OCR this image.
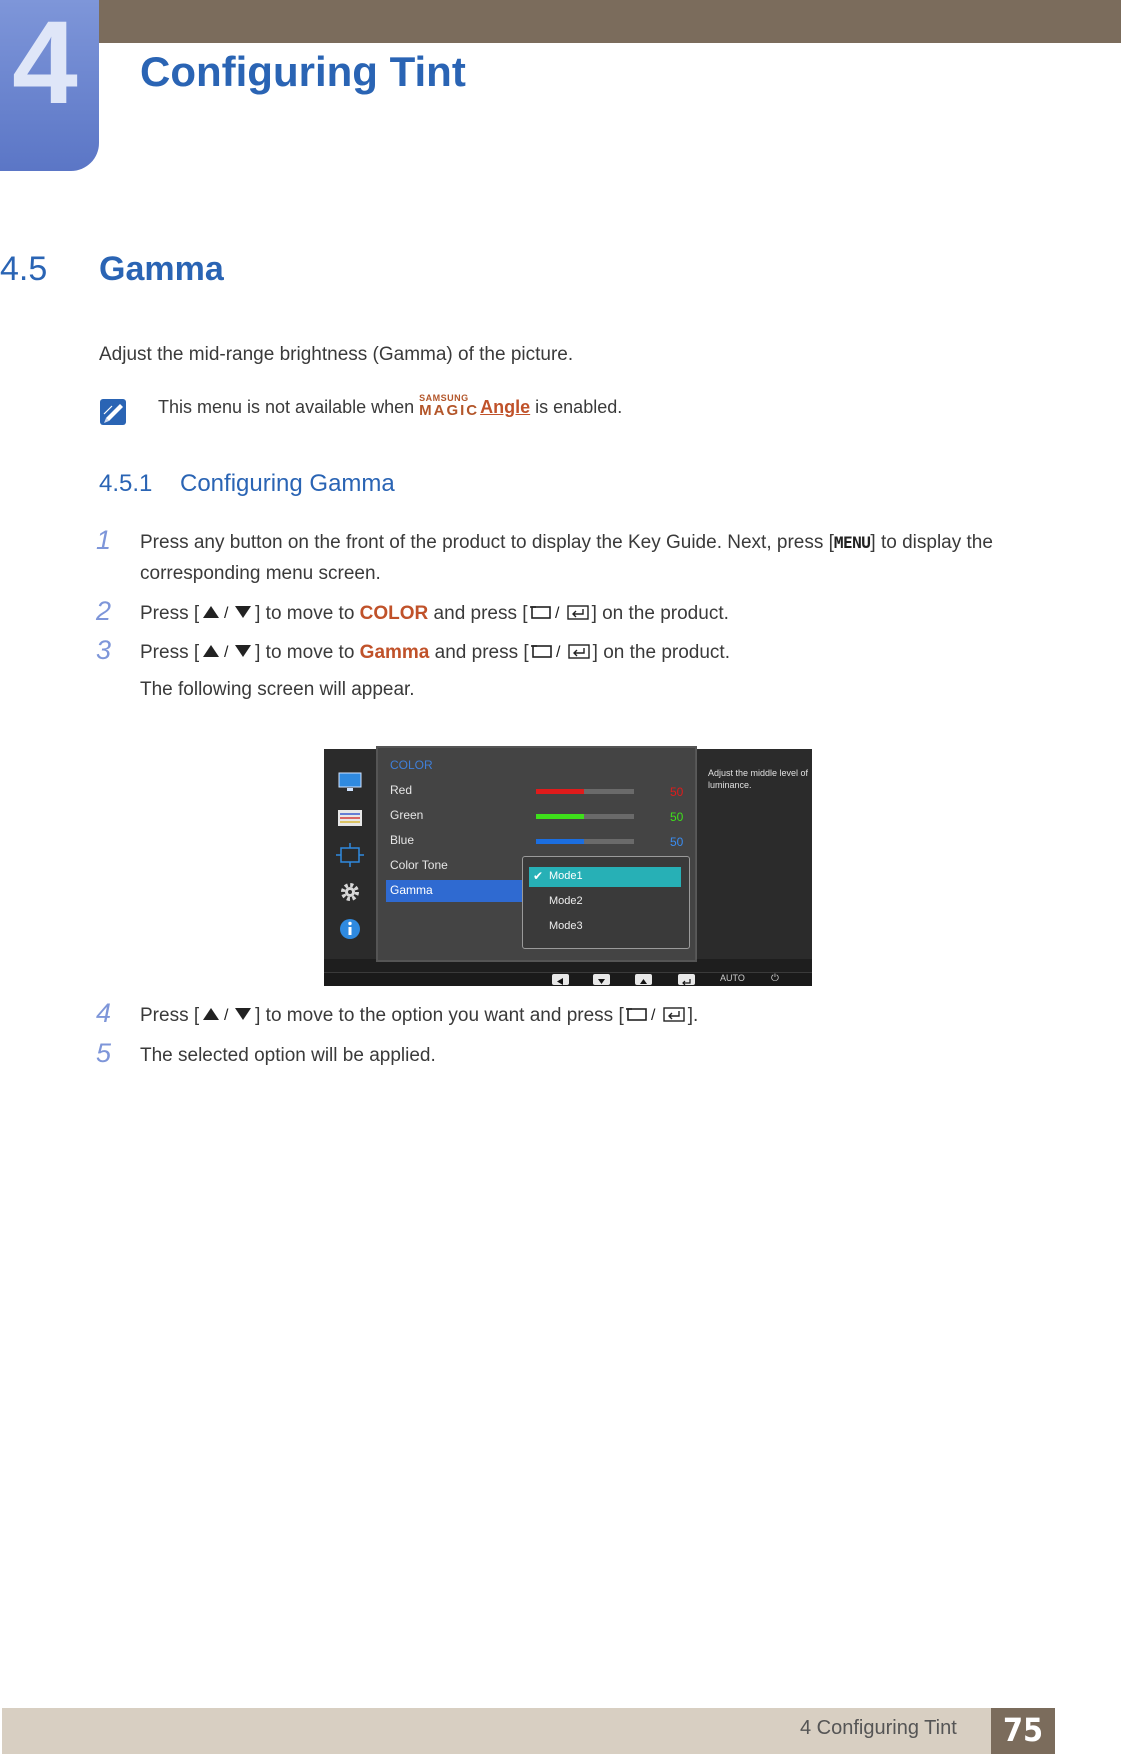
4 Configuring Tint
4.5 Gamma
Adjust the mid-range brightness (Gamma) of the picture.
This menu is not available when SAMSUNG
MAGIC Angle is enabled.
4.5.1 Configuring Gamma
1 Press any button on the front of the product to display the Key Guide. Next, press [MENU] to display the corresponding menu screen.
2 Press [ / ] to move to COLOR and press [ / ] on the product.
3 Press [ / ] to move to Gamma and press [ / ] on the product.
The following screen will appear.
COLOR
Red	50
Green	50
Blue	50
Color Tone
Gamma
✔ Mode1
Mode2
Mode3
Adjust the middle level of luminance.
AUTO	⏻
4 Press [ / ] to move to the option you want and press [ / ].
5 The selected option will be applied.
4 Configuring Tint	75
